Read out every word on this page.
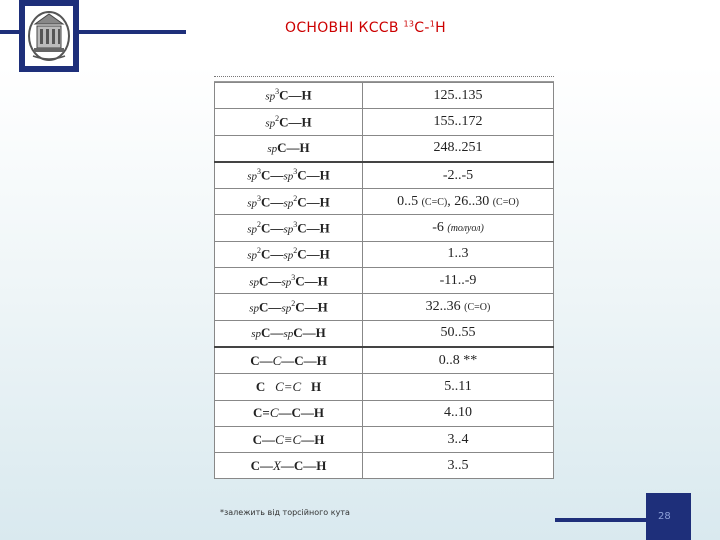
ОСНОВНІ КССВ $^{13}$C-$^1$H
$sp^3C—H$	125..135
$sp^2C—H$	155..172
spC—H	248..251
$sp^3C—sp^3C—H$	-2..-5
$sp^3C—sp^2C—H$	0..5 (C=C), 26..30 (C=O)
$sp^2C—sp^3C—H$	-6 (толуол)
$sp^2C—sp^2C—H$	1..3
$spC—sp^3C—H$	-11..-9
$spC—sp^2C—H$	32..36 (C=O)
spC—spC—H	50..55
C—C—C—H	0..8 **
C   C=C   H	5..11
C=C—C—H	4..10
C—C≡C—H	3..4
C—X—C—H	3..5
*залежить від торсійного кута	28
